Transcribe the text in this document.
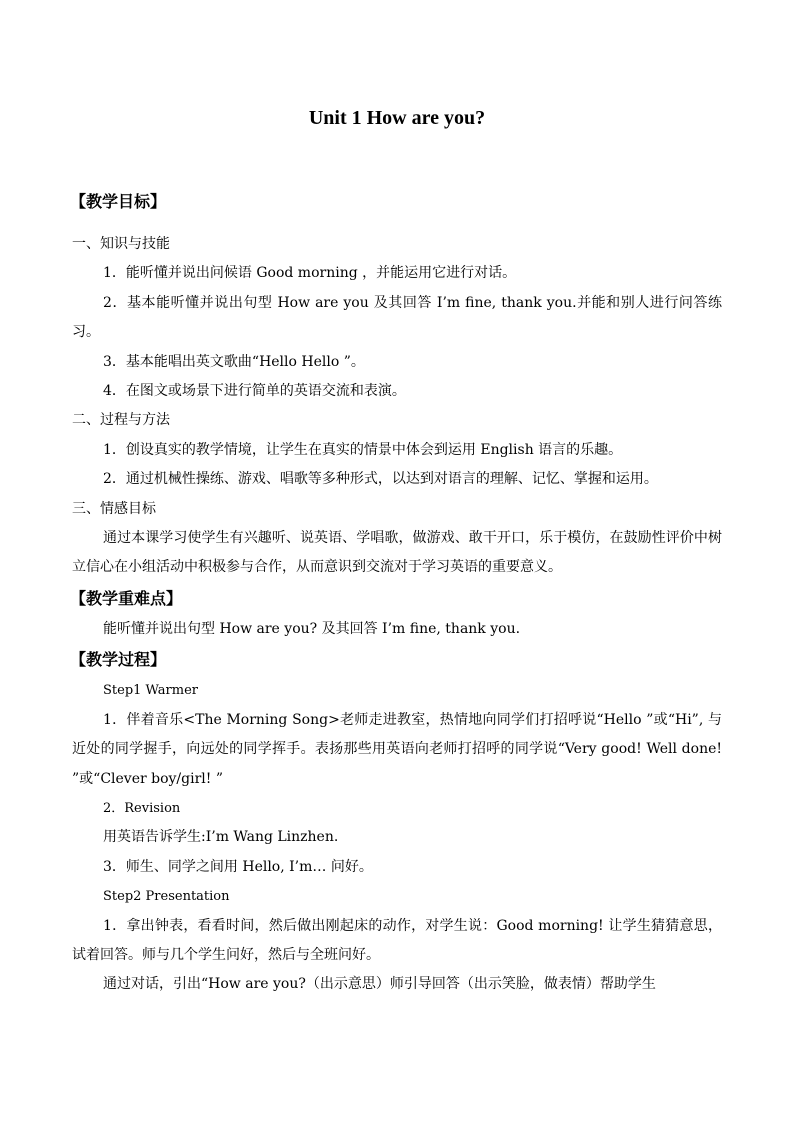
Unit 1 How are you?
【教学目标】
一、知识与技能
1．能听懂并说出问候语 Good morning ，并能运用它进行对话。
2．基本能听懂并说出句型 How are you 及其回答 I’m fine, thank you.并能和别人进行问答练习。
3．基本能唱出英文歌曲“Hello Hello ”。
4．在图文或场景下进行简单的英语交流和表演。
二、过程与方法
1．创设真实的教学情境，让学生在真实的情景中体会到运用 English 语言的乐趣。
2．通过机械性操练、游戏、唱歌等多种形式，以达到对语言的理解、记忆、掌握和运用。
三、情感目标
通过本课学习使学生有兴趣听、说英语、学唱歌，做游戏、敢干开口，乐于模仿，在鼓励性评价中树立信心在小组活动中积极参与合作，从而意识到交流对于学习英语的重要意义。
【教学重难点】
能听懂并说出句型 How are you? 及其回答 I’m fine, thank you.
【教学过程】
Step1 Warmer
1．伴着音乐<The Morning Song>老师走进教室，热情地向同学们打招呼说“Hello ”或“Hi”, 与近处的同学握手，向远处的同学挥手。表扬那些用英语向老师打招呼的同学说“Very good! Well done! ”或“Clever boy/girl! ”
2．Revision
用英语告诉学生:I’m Wang Linzhen.
3．师生、同学之间用 Hello, I’m… 问好。
Step2 Presentation
1．拿出钟表，看看时间，然后做出刚起床的动作，对学生说：Good morning! 让学生猜猜意思，试着回答。师与几个学生问好，然后与全班问好。
通过对话，引出“How are you?（出示意思）师引导回答（出示笑脸，做表情）帮助学生
